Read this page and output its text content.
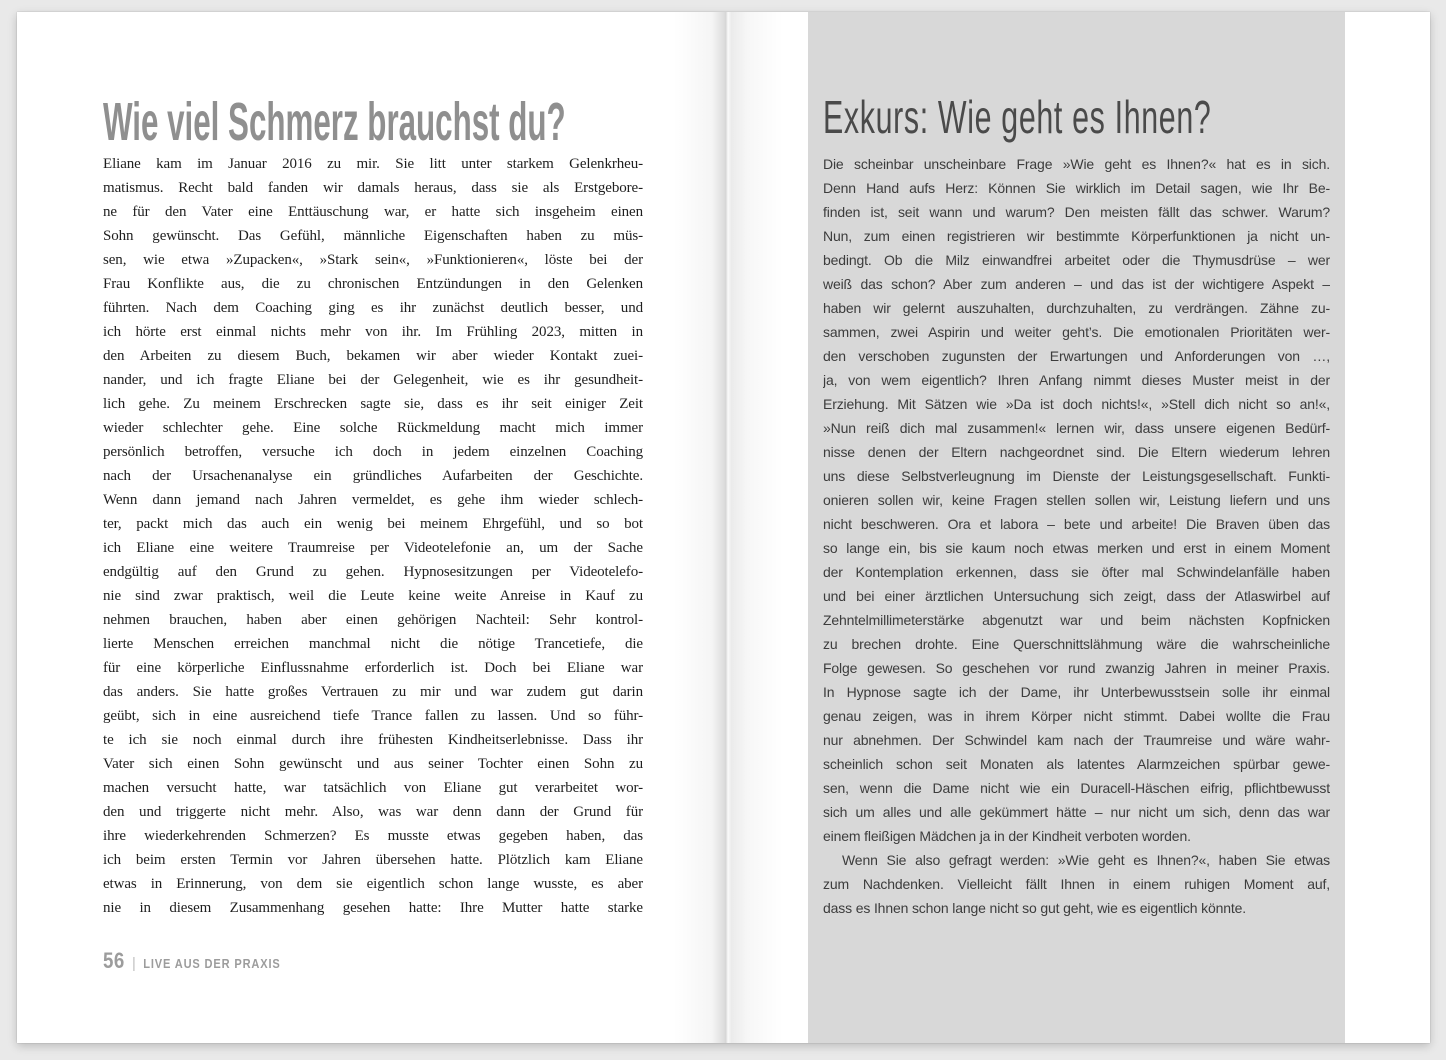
Wie viel Schmerz brauchst du?
Eliane kam im Januar 2016 zu mir. Sie litt unter starkem Gelenkrheu-
matismus. Recht bald fanden wir damals heraus, dass sie als Erstgebore-
ne für den Vater eine Enttäuschung war, er hatte sich insgeheim einen
Sohn gewünscht. Das Gefühl, männliche Eigenschaften haben zu müs-
sen, wie etwa »Zupacken«, »Stark sein«, »Funktionieren«, löste bei der
Frau Konflikte aus, die zu chronischen Entzündungen in den Gelenken
führten. Nach dem Coaching ging es ihr zunächst deutlich besser, und
ich hörte erst einmal nichts mehr von ihr. Im Frühling 2023, mitten in
den Arbeiten zu diesem Buch, bekamen wir aber wieder Kontakt zuei-
nander, und ich fragte Eliane bei der Gelegenheit, wie es ihr gesundheit-
lich gehe. Zu meinem Erschrecken sagte sie, dass es ihr seit einiger Zeit
wieder schlechter gehe. Eine solche Rückmeldung macht mich immer
persönlich betroffen, versuche ich doch in jedem einzelnen Coaching
nach der Ursachenanalyse ein gründliches Aufarbeiten der Geschichte.
Wenn dann jemand nach Jahren vermeldet, es gehe ihm wieder schlech-
ter, packt mich das auch ein wenig bei meinem Ehrgefühl, und so bot
ich Eliane eine weitere Traumreise per Videotelefonie an, um der Sache
endgültig auf den Grund zu gehen. Hypnosesitzungen per Videotelefo-
nie sind zwar praktisch, weil die Leute keine weite Anreise in Kauf zu
nehmen brauchen, haben aber einen gehörigen Nachteil: Sehr kontrol-
lierte Menschen erreichen manchmal nicht die nötige Trancetiefe, die
für eine körperliche Einflussnahme erforderlich ist. Doch bei Eliane war
das anders. Sie hatte großes Vertrauen zu mir und war zudem gut darin
geübt, sich in eine ausreichend tiefe Trance fallen zu lassen. Und so führ-
te ich sie noch einmal durch ihre frühesten Kindheitserlebnisse. Dass ihr
Vater sich einen Sohn gewünscht und aus seiner Tochter einen Sohn zu
machen versucht hatte, war tatsächlich von Eliane gut verarbeitet wor-
den und triggerte nicht mehr. Also, was war denn dann der Grund für
ihre wiederkehrenden Schmerzen? Es musste etwas gegeben haben, das
ich beim ersten Termin vor Jahren übersehen hatte. Plötzlich kam Eliane
etwas in Erinnerung, von dem sie eigentlich schon lange wusste, es aber
nie in diesem Zusammenhang gesehen hatte: Ihre Mutter hatte starke
56 | LIVE AUS DER PRAXIS
Exkurs: Wie geht es Ihnen?
Die scheinbar unscheinbare Frage »Wie geht es Ihnen?« hat es in sich.
Denn Hand aufs Herz: Können Sie wirklich im Detail sagen, wie Ihr Be-
finden ist, seit wann und warum? Den meisten fällt das schwer. Warum?
Nun, zum einen registrieren wir bestimmte Körperfunktionen ja nicht un-
bedingt. Ob die Milz einwandfrei arbeitet oder die Thymusdrüse – wer
weiß das schon? Aber zum anderen – und das ist der wichtigere Aspekt –
haben wir gelernt auszuhalten, durchzuhalten, zu verdrängen. Zähne zu-
sammen, zwei Aspirin und weiter geht’s. Die emotionalen Prioritäten wer-
den verschoben zugunsten der Erwartungen und Anforderungen von …,
ja, von wem eigentlich? Ihren Anfang nimmt dieses Muster meist in der
Erziehung. Mit Sätzen wie »Da ist doch nichts!«, »Stell dich nicht so an!«,
»Nun reiß dich mal zusammen!« lernen wir, dass unsere eigenen Bedürf-
nisse denen der Eltern nachgeordnet sind. Die Eltern wiederum lehren
uns diese Selbstverleugnung im Dienste der Leistungsgesellschaft. Funkti-
onieren sollen wir, keine Fragen stellen sollen wir, Leistung liefern und uns
nicht beschweren. Ora et labora – bete und arbeite! Die Braven üben das
so lange ein, bis sie kaum noch etwas merken und erst in einem Moment
der Kontemplation erkennen, dass sie öfter mal Schwindelanfälle haben
und bei einer ärztlichen Untersuchung sich zeigt, dass der Atlaswirbel auf
Zehntelmillimeterstärke abgenutzt war und beim nächsten Kopfnicken
zu brechen drohte. Eine Querschnittslähmung wäre die wahrscheinliche
Folge gewesen. So geschehen vor rund zwanzig Jahren in meiner Praxis.
In Hypnose sagte ich der Dame, ihr Unterbewusstsein solle ihr einmal
genau zeigen, was in ihrem Körper nicht stimmt. Dabei wollte die Frau
nur abnehmen. Der Schwindel kam nach der Traumreise und wäre wahr-
scheinlich schon seit Monaten als latentes Alarmzeichen spürbar gewe-
sen, wenn die Dame nicht wie ein Duracell-Häschen eifrig, pflichtbewusst
sich um alles und alle gekümmert hätte – nur nicht um sich, denn das war
einem fleißigen Mädchen ja in der Kindheit verboten worden.
Wenn Sie also gefragt werden: »Wie geht es Ihnen?«, haben Sie etwas
zum Nachdenken. Vielleicht fällt Ihnen in einem ruhigen Moment auf,
dass es Ihnen schon lange nicht so gut geht, wie es eigentlich könnte.
